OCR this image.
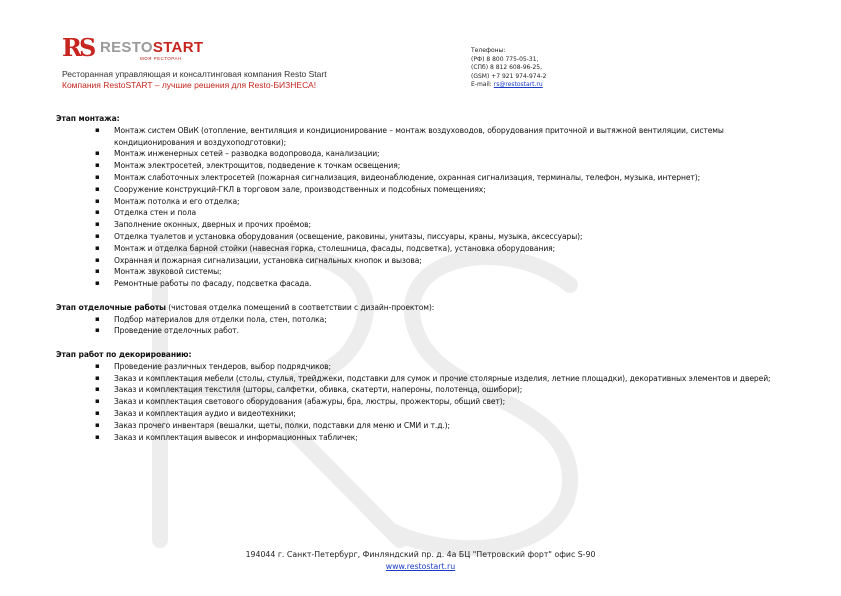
RS RESTOSTART
МОЯ РЕСТОРАН
Ресторанная управляющая и консалтинговая компания Resto Start
Компания RestoSTART – лучшие решения для Resto-БИЗНЕСА!
Телефоны:
(РФ) 8 800 775-05-31,
(СПб) 8 812 608-96-25,
(GSM) +7 921 974-974-2
E-mail: rs@restostart.ru
Этап монтажа:
▪ Монтаж систем ОВиК (отопление, вентиляция и кондиционирование – монтаж воздуховодов, оборудования приточной и вытяжной вентиляции, системы кондиционирования и воздухоподготовки);
▪ Монтаж инженерных сетей – разводка водопровода, канализации;
▪ Монтаж электросетей, электрощитов, подведение к точкам освещения;
▪ Монтаж слаботочных электросетей (пожарная сигнализация, видеонаблюдение, охранная сигнализация, терминалы, телефон, музыка, интернет);
▪ Сооружение конструкций-ГКЛ в торговом зале, производственных и подсобных помещениях;
▪ Монтаж потолка и его отделка;
▪ Отделка стен и пола
▪ Заполнение оконных, дверных и прочих проёмов;
▪ Отделка туалетов и установка оборудования (освещение, раковины, унитазы, писсуары, краны, музыка, аксессуары);
▪ Монтаж и отделка барной стойки (навесная горка, столешница, фасады, подсветка), установка оборудования;
▪ Охранная и пожарная сигнализации, установка сигнальных кнопок и вызова;
▪ Монтаж звуковой системы;
▪ Ремонтные работы по фасаду, подсветка фасада.
Этап отделочные работы (чистовая отделка помещений в соответствии с дизайн-проектом):
▪ Подбор материалов для отделки пола, стен, потолка;
▪ Проведение отделочных работ.
Этап работ по декорированию:
▪ Проведение различных тендеров, выбор подрядчиков;
▪ Заказ и комплектация мебели (столы, стулья, трейджеки, подставки для сумок и прочие столярные изделия, летние площадки), декоративных элементов и дверей;
▪ Заказ и комплектация текстиля (шторы, салфетки, обивка, скатерти, напероны, полотенца, ошибори);
▪ Заказ и комплектация светового оборудования (абажуры, бра, люстры, прожекторы, общий свет);
▪ Заказ и комплектация аудио и видеотехники;
▪ Заказ прочего инвентаря (вешалки, щеты, полки, подставки для меню и СМИ и т.д.);
▪ Заказ и комплектация вывесок и информационных табличек;
194044 г. Санкт-Петербург, Финляндский пр. д. 4а БЦ "Петровский форт" офис S-90
www.restostart.ru
